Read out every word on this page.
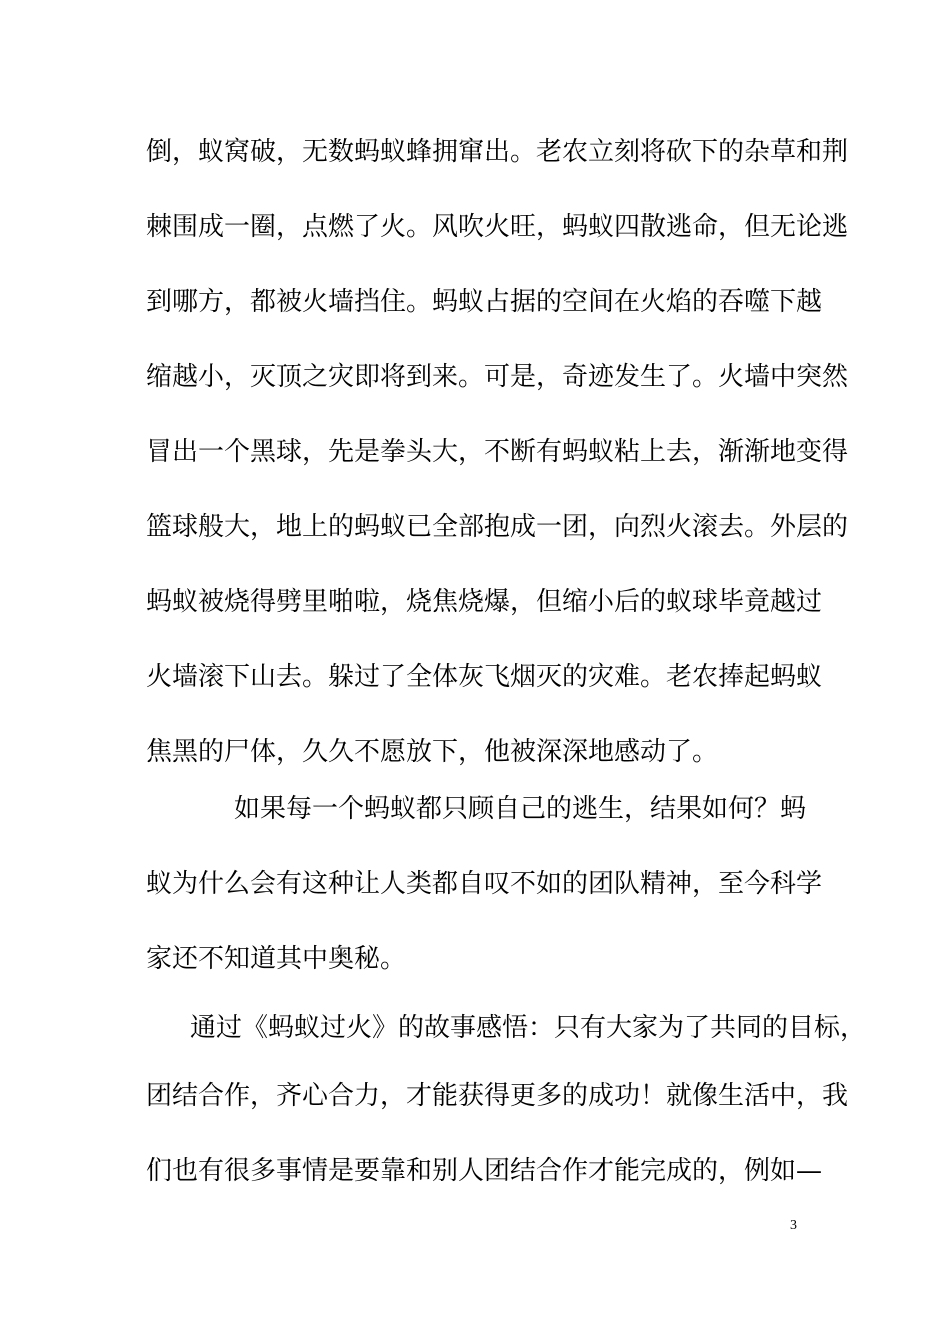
倒，蚁窝破，无数蚂蚁蜂拥窜出。老农立刻将砍下的杂草和荆
棘围成一圈，点燃了火。风吹火旺，蚂蚁四散逃命，但无论逃
到哪方，都被火墙挡住。蚂蚁占据的空间在火焰的吞噬下越
缩越小，灭顶之灾即将到来。可是，奇迹发生了。火墙中突然
冒出一个黑球，先是拳头大，不断有蚂蚁粘上去，渐渐地变得
篮球般大，地上的蚂蚁已全部抱成一团，向烈火滚去。外层的
蚂蚁被烧得劈里啪啦，烧焦烧爆，但缩小后的蚁球毕竟越过
火墙滚下山去。躲过了全体灰飞烟灭的灾难。老农捧起蚂蚁
焦黑的尸体，久久不愿放下，他被深深地感动了。
如果每一个蚂蚁都只顾自己的逃生，结果如何？蚂
蚁为什么会有这种让人类都自叹不如的团队精神，至今科学
家还不知道其中奥秘。
通过《蚂蚁过火》的故事感悟：只有大家为了共同的目标，
团结合作，齐心合力，才能获得更多的成功！就像生活中，我
们也有很多事情是要靠和别人团结合作才能完成的，例如—
3
